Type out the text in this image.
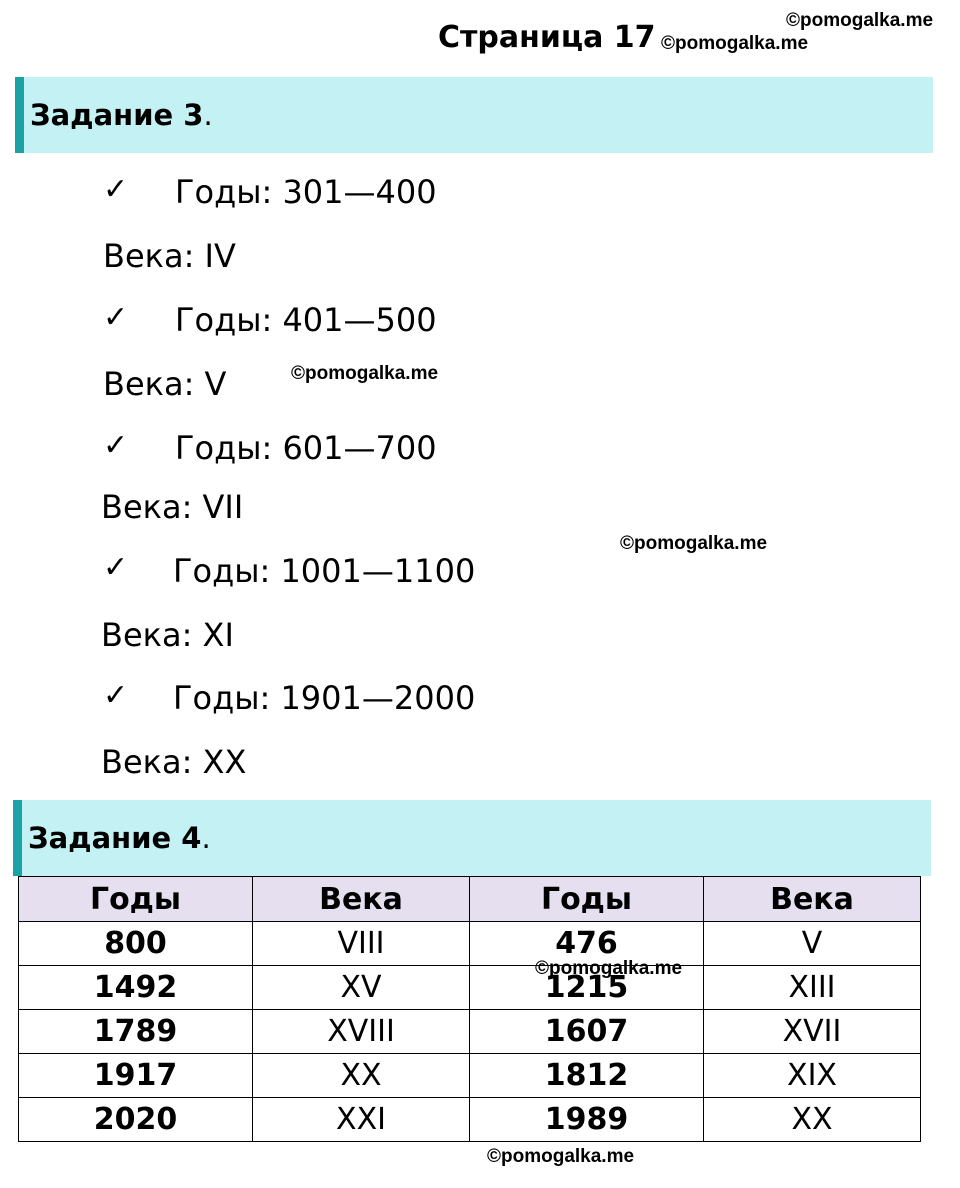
©pomogalka.me
©pomogalka.me
Страница 17
Задание 3.
✓ Годы: 301—400
Века: IV
✓ Годы: 401—500
Века: V	©pomogalka.me
✓ Годы: 601—700
Века: VII
©pomogalka.me
✓ Годы: 1001—1100
Века: XI
✓ Годы: 1901—2000
Века: XX
Задание 4.
Годы	Века	Годы	Века
800	VIII	476	V
1492	XV	1215	XIII
1789	XVIII	1607	XVII
1917	XX	1812	XIX
2020	XXI	1989	XX
©pomogalka.me
©pomogalka.me
